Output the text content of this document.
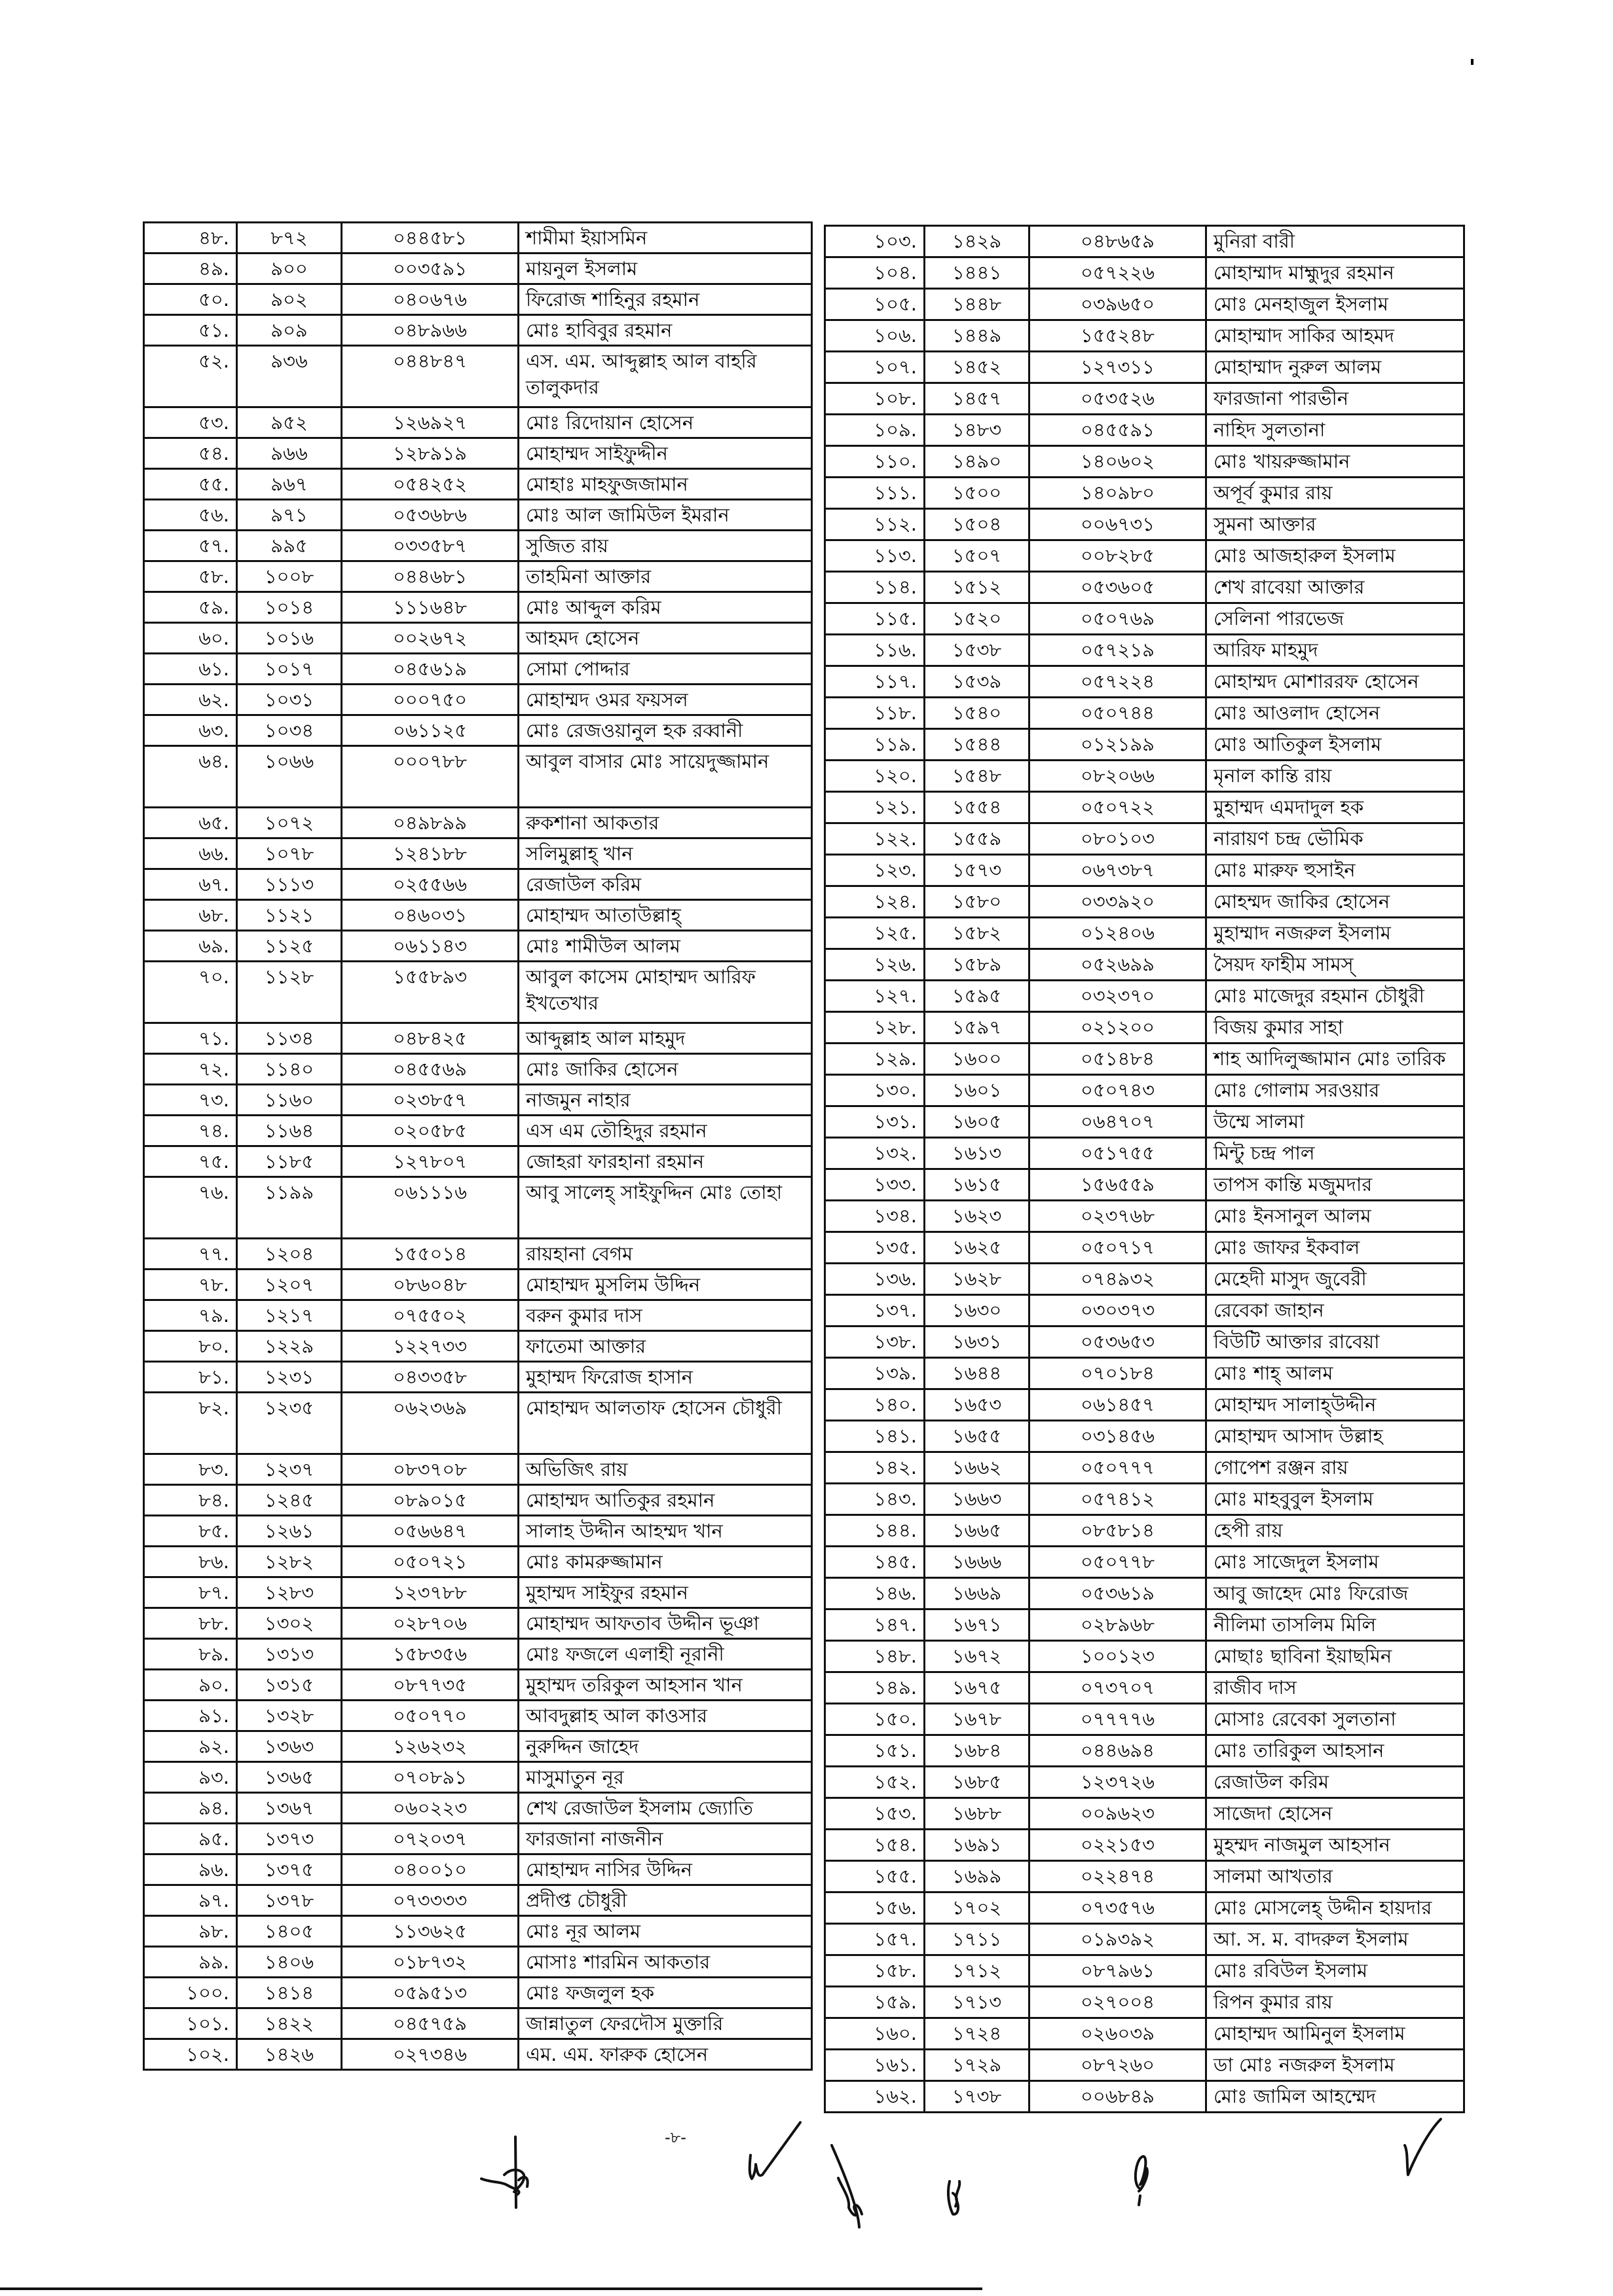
৪৮.	৮৭২	০৪৪৫৮১	শামীমা ইয়াসমিন
৪৯.	৯০০	০০৩৫৯১	মায়নুল ইসলাম
৫০.	৯০২	০৪০৬৭৬	ফিরোজ শাহিনুর রহমান
৫১.	৯০৯	০৪৮৯৬৬	মোঃ হাবিবুর রহমান
৫২.	৯৩৬	০৪৪৮৪৭	এস. এম. আব্দুল্লাহ আল বাহরি তালুকদার
৫৩.	৯৫২	১২৬৯২৭	মোঃ রিদোয়ান হোসেন
৫৪.	৯৬৬	১২৮৯১৯	মোহাম্মদ সাইফুদ্দীন
৫৫.	৯৬৭	০৫৪২৫২	মোহাঃ মাহফুজজামান
৫৬.	৯৭১	০৫৩৬৮৬	মোঃ আল জামিউল ইমরান
৫৭.	৯৯৫	০৩৩৫৮৭	সুজিত রায়
৫৮.	১০০৮	০৪৪৬৮১	তাহমিনা আক্তার
৫৯.	১০১৪	১১১৬৪৮	মোঃ আব্দুল করিম
৬০.	১০১৬	০০২৬৭২	আহমদ হোসেন
৬১.	১০১৭	০৪৫৬১৯	সোমা পোদ্দার
৬২.	১০৩১	০০০৭৫০	মোহাম্মদ ওমর ফয়সল
৬৩.	১০৩৪	০৬১১২৫	মোঃ রেজওয়ানুল হক রব্বানী
৬৪.	১০৬৬	০০০৭৮৮	আবুল বাসার মোঃ সায়েদুজ্জামান
৬৫.	১০৭২	০৪৯৮৯৯	রুকশানা আকতার
৬৬.	১০৭৮	১২৪১৮৮	সলিমুল্লাহ্ খান
৬৭.	১১১৩	০২৫৫৬৬	রেজাউল করিম
৬৮.	১১২১	০৪৬০৩১	মোহাম্মদ আতাউল্লাহ্
৬৯.	১১২৫	০৬১১৪৩	মোঃ শামীউল আলম
৭০.	১১২৮	১৫৫৮৯৩	আবুল কাসেম মোহাম্মদ আরিফ ইখতেখার
৭১.	১১৩৪	০৪৮৪২৫	আব্দুল্লাহ আল মাহমুদ
৭২.	১১৪০	০৪৫৫৬৯	মোঃ জাকির হোসেন
৭৩.	১১৬০	০২৩৮৫৭	নাজমুন নাহার
৭৪.	১১৬৪	০২০৫৮৫	এস এম তৌহিদুর রহমান
৭৫.	১১৮৫	১২৭৮০৭	জোহরা ফারহানা রহমান
৭৬.	১১৯৯	০৬১১১৬	আবু সালেহ্ সাইফুদ্দিন মোঃ তোহা
৭৭.	১২০৪	১৫৫০১৪	রায়হানা বেগম
৭৮.	১২০৭	০৮৬০৪৮	মোহাম্মদ মুসলিম উদ্দিন
৭৯.	১২১৭	০৭৫৫০২	বরুন কুমার দাস
৮০.	১২২৯	১২২৭৩৩	ফাতেমা আক্তার
৮১.	১২৩১	০৪৩৩৫৮	মুহাম্মদ ফিরোজ হাসান
৮২.	১২৩৫	০৬২৩৬৯	মোহাম্মদ আলতাফ হোসেন চৌধুরী
৮৩.	১২৩৭	০৮৩৭০৮	অভিজিৎ রায়
৮৪.	১২৪৫	০৮৯০১৫	মোহাম্মদ আতিকুর রহমান
৮৫.	১২৬১	০৫৬৬৪৭	সালাহ উদ্দীন আহম্মদ খান
৮৬.	১২৮২	০৫০৭২১	মোঃ কামরুজ্জামান
৮৭.	১২৮৩	১২৩৭৮৮	মুহাম্মদ সাইফুর রহমান
৮৮.	১৩০২	০২৮৭০৬	মোহাম্মদ আফতাব উদ্দীন ভূঞা
৮৯.	১৩১৩	১৫৮৩৫৬	মোঃ ফজলে এলাহী নূরানী
৯০.	১৩১৫	০৮৭৭৩৫	মুহাম্মদ তরিকুল আহসান খান
৯১.	১৩২৮	০৫০৭৭০	আবদুল্লাহ আল কাওসার
৯২.	১৩৬৩	১২৬২৩২	নুরুদ্দিন জাহেদ
৯৩.	১৩৬৫	০৭০৮৯১	মাসুমাতুন নূর
৯৪.	১৩৬৭	০৬০২২৩	শেখ রেজাউল ইসলাম জ্যোতি
৯৫.	১৩৭৩	০৭২০৩৭	ফারজানা নাজনীন
৯৬.	১৩৭৫	০৪০০১০	মোহাম্মদ নাসির উদ্দিন
৯৭.	১৩৭৮	০৭৩৩৩৩	প্রদীপ্ত চৌধুরী
৯৮.	১৪০৫	১১৩৬২৫	মোঃ নূর আলম
৯৯.	১৪০৬	০১৮৭৩২	মোসাঃ শারমিন আকতার
১০০.	১৪১৪	০৫৯৫১৩	মোঃ ফজলুল হক
১০১.	১৪২২	০৪৫৭৫৯	জান্নাতুল ফেরদৌস মুক্তারি
১০২.	১৪২৬	০২৭৩৪৬	এম. এম. ফারুক হোসেন
১০৩.	১৪২৯	০৪৮৬৫৯	মুনিরা বারী
১০৪.	১৪৪১	০৫৭২২৬	মোহাম্মাদ মাহ্মুদুর রহমান
১০৫.	১৪৪৮	০৩৯৬৫০	মোঃ মেনহাজুল ইসলাম
১০৬.	১৪৪৯	১৫৫২৪৮	মোহাম্মাদ সাকির আহমদ
১০৭.	১৪৫২	১২৭৩১১	মোহাম্মাদ নুরুল আলম
১০৮.	১৪৫৭	০৫৩৫২৬	ফারজানা পারভীন
১০৯.	১৪৮৩	০৪৫৫৯১	নাহিদ সুলতানা
১১০.	১৪৯০	১৪০৬০২	মোঃ খায়রুজ্জামান
১১১.	১৫০০	১৪০৯৮০	অপূর্ব কুমার রায়
১১২.	১৫০৪	০০৬৭৩১	সুমনা আক্তার
১১৩.	১৫০৭	০০৮২৮৫	মোঃ আজহারুল ইসলাম
১১৪.	১৫১২	০৫৩৬০৫	শেখ রাবেয়া আক্তার
১১৫.	১৫২০	০৫০৭৬৯	সেলিনা পারভেজ
১১৬.	১৫৩৮	০৫৭২১৯	আরিফ মাহমুদ
১১৭.	১৫৩৯	০৫৭২২৪	মোহাম্মদ মোশাররফ হোসেন
১১৮.	১৫৪০	০৫০৭৪৪	মোঃ আওলাদ হোসেন
১১৯.	১৫৪৪	০১২১৯৯	মোঃ আতিকুল ইসলাম
১২০.	১৫৪৮	০৮২০৬৬	মৃনাল কান্তি রায়
১২১.	১৫৫৪	০৫০৭২২	মুহাম্মদ এমদাদুল হক
১২২.	১৫৫৯	০৮০১০৩	নারায়ণ চন্দ্র ভৌমিক
১২৩.	১৫৭৩	০৬৭৩৮৭	মোঃ মারুফ হুসাইন
১২৪.	১৫৮০	০৩৩৯২০	মোহম্মদ জাকির হোসেন
১২৫.	১৫৮২	০১২৪০৬	মুহাম্মাদ নজরুল ইসলাম
১২৬.	১৫৮৯	০৫২৬৯৯	সৈয়দ ফাহীম সামস্
১২৭.	১৫৯৫	০৩২৩৭০	মোঃ মাজেদুর রহমান চৌধুরী
১২৮.	১৫৯৭	০২১২০০	বিজয় কুমার সাহা
১২৯.	১৬০০	০৫১৪৮৪	শাহ আদিলুজ্জামান মোঃ তারিক
১৩০.	১৬০১	০৫০৭৪৩	মোঃ গোলাম সরওয়ার
১৩১.	১৬০৫	০৬৪৭০৭	উম্মে সালমা
১৩২.	১৬১৩	০৫১৭৫৫	মিন্টু চন্দ্র পাল
১৩৩.	১৬১৫	১৫৬৫৫৯	তাপস কান্তি মজুমদার
১৩৪.	১৬২৩	০২৩৭৬৮	মোঃ ইনসানুল আলম
১৩৫.	১৬২৫	০৫০৭১৭	মোঃ জাফর ইকবাল
১৩৬.	১৬২৮	০৭৪৯৩২	মেহেদী মাসুদ জুবেরী
১৩৭.	১৬৩০	০৩০৩৭৩	রেবেকা জাহান
১৩৮.	১৬৩১	০৫৩৬৫৩	বিউটি আক্তার রাবেয়া
১৩৯.	১৬৪৪	০৭০১৮৪	মোঃ শাহ্ আলম
১৪০.	১৬৫৩	০৬১৪৫৭	মোহাম্মদ সালাহ্উদ্দীন
১৪১.	১৬৫৫	০৩১৪৫৬	মোহাম্মদ আসাদ উল্লাহ
১৪২.	১৬৬২	০৫০৭৭৭	গোপেশ রঞ্জন রায়
১৪৩.	১৬৬৩	০৫৭৪১২	মোঃ মাহবুবুল ইসলাম
১৪৪.	১৬৬৫	০৮৫৮১৪	হেপী রায়
১৪৫.	১৬৬৬	০৫০৭৭৮	মোঃ সাজেদুল ইসলাম
১৪৬.	১৬৬৯	০৫৩৬১৯	আবু জাহেদ মোঃ ফিরোজ
১৪৭.	১৬৭১	০২৮৯৬৮	নীলিমা তাসলিম মিলি
১৪৮.	১৬৭২	১০০১২৩	মোছাঃ ছাবিনা ইয়াছমিন
১৪৯.	১৬৭৫	০৭৩৭০৭	রাজীব দাস
১৫০.	১৬৭৮	০৭৭৭৭৬	মোসাঃ রেবেকা সুলতানা
১৫১.	১৬৮৪	০৪৪৬৯৪	মোঃ তারিকুল আহসান
১৫২.	১৬৮৫	১২৩৭২৬	রেজাউল করিম
১৫৩.	১৬৮৮	০০৯৬২৩	সাজেদা হোসেন
১৫৪.	১৬৯১	০২২১৫৩	মুহম্মদ নাজমুল আহসান
১৫৫.	১৬৯৯	০২২৪৭৪	সালমা আখতার
১৫৬.	১৭০২	০৭৩৫৭৬	মোঃ মোসলেহ্ উদ্দীন হায়দার
১৫৭.	১৭১১	০১৯৩৯২	আ. স. ম. বাদরুল ইসলাম
১৫৮.	১৭১২	০৮৭৯৬১	মোঃ রবিউল ইসলাম
১৫৯.	১৭১৩	০২৭০০৪	রিপন কুমার রায়
১৬০.	১৭২৪	০২৬০৩৯	মোহাম্মদ আমিনুল ইসলাম
১৬১.	১৭২৯	০৮৭২৬০	ডা মোঃ নজরুল ইসলাম
১৬২.	১৭৩৮	০০৬৮৪৯	মোঃ জামিল আহম্মেদ
-৮-
